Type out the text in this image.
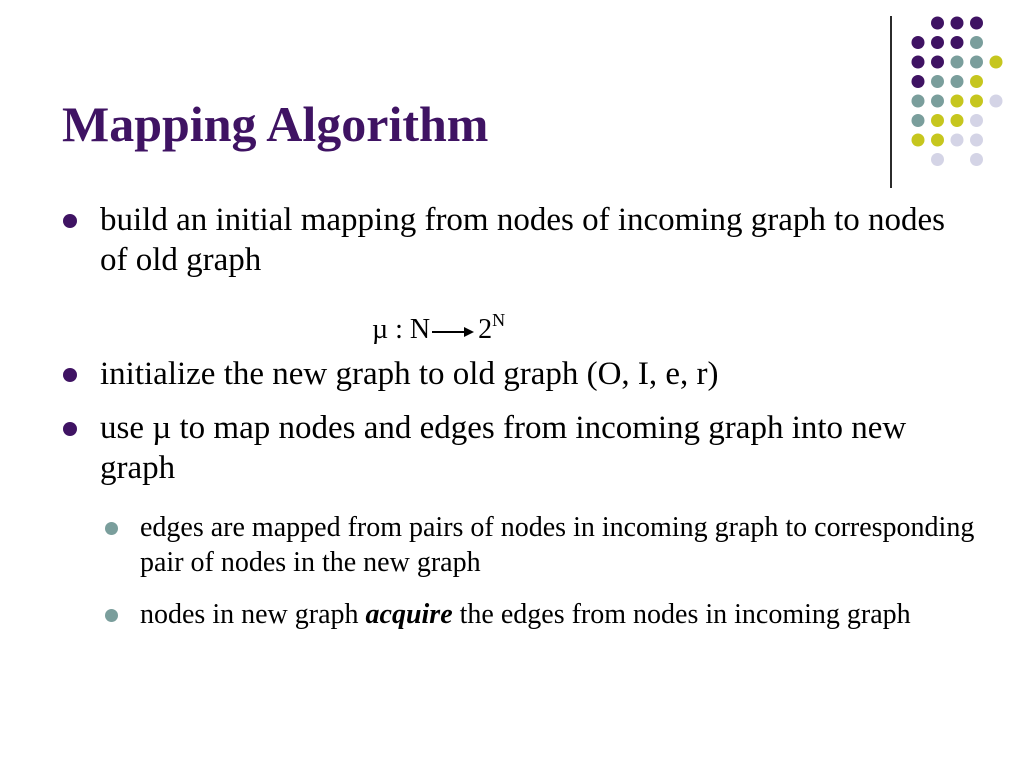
Mapping Algorithm
build an initial mapping from nodes of incoming graph to nodes of old graph
µ : N $2^N$
initialize the new graph to old graph (O, I, e, r)
use µ to map nodes and edges from incoming graph into new graph
edges are mapped from pairs of nodes in incoming graph to corresponding pair of nodes in the new graph
nodes in new graph acquire the edges from nodes in incoming graph
